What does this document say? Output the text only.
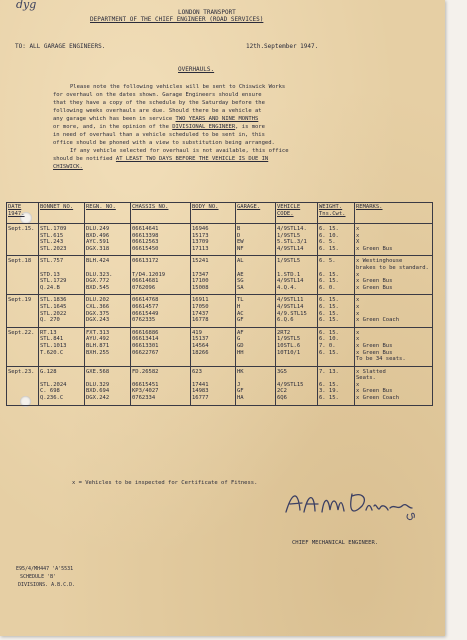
dyg
LONDON TRANSPORT
DEPARTMENT OF THE CHIEF ENGINEER (ROAD SERVICES)
TO: ALL GARAGE ENGINEERS.	12th.September 1947.
OVERHAULS.
Please note the following vehicles will be sent to Chiswick Works
for overhaul on the dates shown. Garage Engineers should ensure
that they have a copy of the schedule by the Saturday before the
following weeks overhauls are due. Should there be a vehicle at
any garage which has been in service TWO YEARS AND NINE MONTHS
or more, and, in the opinion of the DIVISIONAL ENGINEER, is more
in need of overhaul than a vehicle scheduled to be sent in, this
office should be phoned with a view to substitution being arranged.
If any vehicle selected for overhaul is not available, this office
should be notified AT LEAST TWO DAYS BEFORE THE VEHICLE IS DUE IN
CHISWICK.
DATE 1947.	BONNET NO.	REGN. NO.	CHASSIS NO.	BODY NO.	GARAGE.	VEHICLE CODE.	WEIGHT. Tns.Cwt.	REMARKS.
Sept.15.	STL.1709	DLU.249	06614641	16946	B	4/9STL14.	6. 15.	x
	STL.615	BXD.496	06613398	15173	D	1/9STL5	6. 10.	x
	STL.243	AYC.591	06612563	13709	EW	5.STL.3/1	6. 5.	X
	STL.2023	DGX.318	06615450	17113	NF	4/9STL14	6. 15.	x Green Bus
Sept.18	STL.757	BLH.424	06613172	15241	AL	1/9STL5	6. 5.	x Westinghouse
								brakes to be standard.
	STD.13	DLU.323.	T/D4.12019	17347	AE	1.STD.1	6. 15.	x
	STL.1729	DGX.772	06614681	17100	SG	4/9STL14	6. 15.	x Green Bus
	Q.24.B	BXD.545	0762096	15008	SA	4.Q.4.	6. 0.	x Green Bus
Sept.19	STL.1836	DLU.202	06614768	16911	TL	4/9STL11	6. 15.	x
	STL.1645	CXL.366	06614577	17050	H	4/9STL14	6. 15.	x
	STL.2022	DGX.375	06615449	17437	AC	4/9.STL15	6. 15.	x
	Q. 270	DGX.243	0762335	16778	GF	6.Q.6	6. 15.	x Green Coach
Sept.22.	RT.13	FXT.313	06616886	419	AF	2RT2	6. 15.	x
	STL.841	AYU.492	06613414	15137	G	1/9STL5	6. 10.	x
	STL.1013	BLH.871	06613301	14564	GD	10STL.6	7. 0.	x Green Bus
	T.620.C	BXH.255	06622767	18266	HH	10T10/1	6. 15.	x Green Bus
								To be 34 seats.
Sept.23.	G.128	GXE.568	FD.26582	623	HK	3G5	7. 13.	x Slatted
								Seats.
	STL.2024	DLU.329	06615451	17441	J	4/9STL15	6. 15.	x
	C. 698	BXD.694	KP3/4027	14983	GF	2C2	3. 19.	x Green Bus
	Q.236.C	DGX.242	0762334	16777	HA	6Q6	6. 15.	x Green Coach
x = Vehicles to be inspected for Certificate of Fitness.
CHIEF MECHANICAL ENGINEER.
E95/4/MH447 'A'5531
SCHEDULE 'B'
DIVISIONS. A.B.C.D.
